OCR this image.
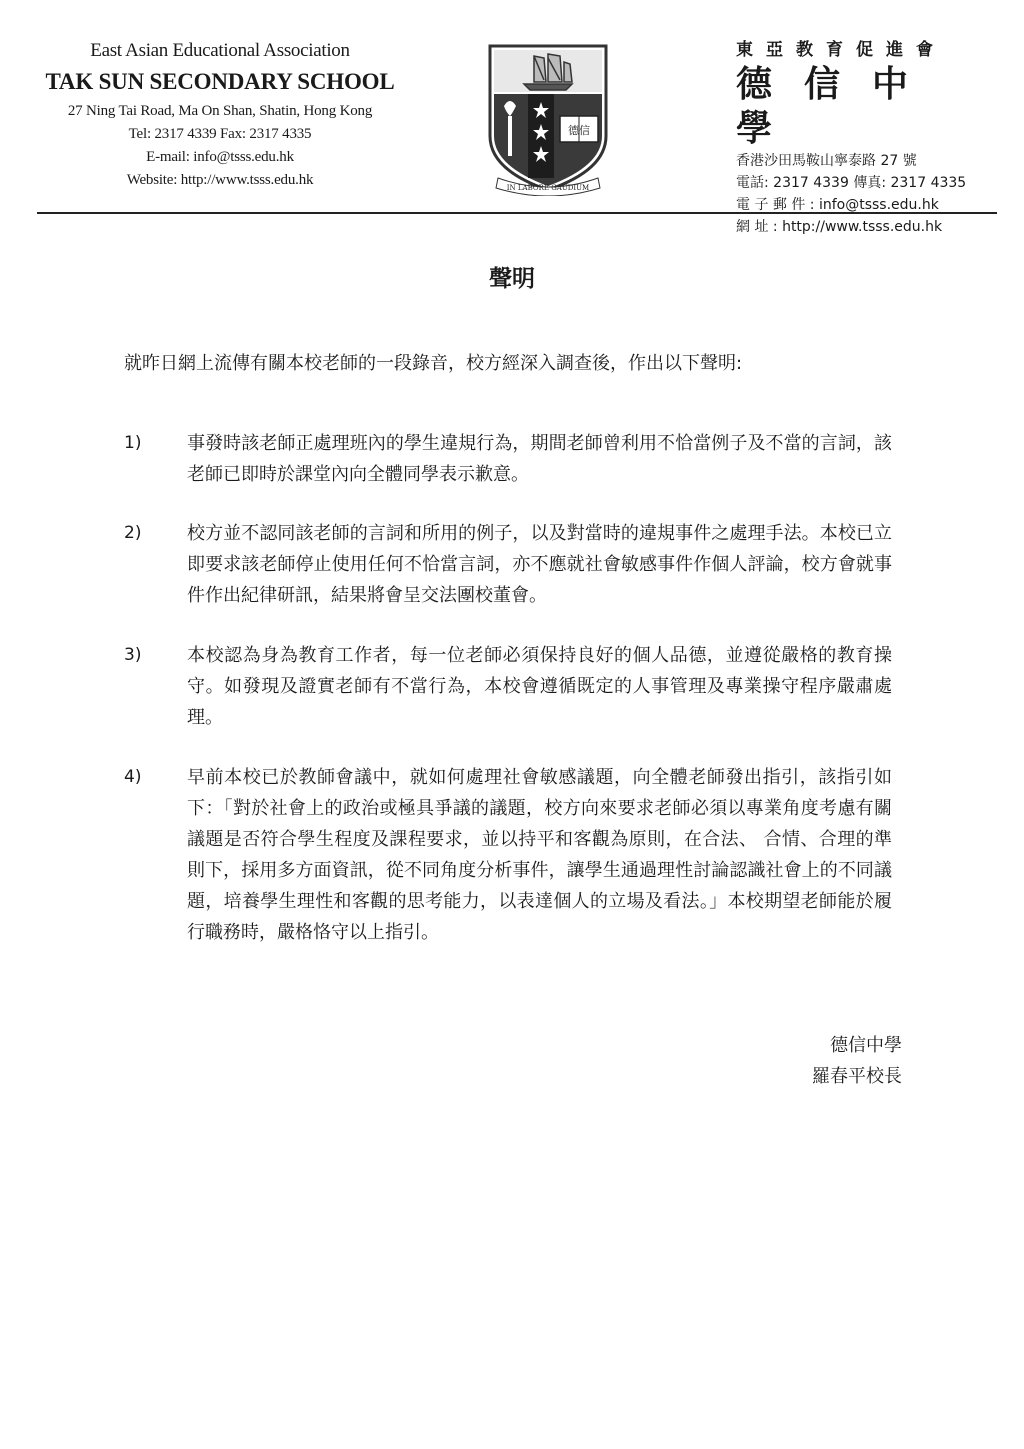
East Asian Educational Association
TAK SUN SECONDARY SCHOOL
27 Ning Tai Road, Ma On Shan, Shatin, Hong Kong
Tel: 2317 4339 Fax: 2317 4335
E-mail: info@tsss.edu.hk
Website: http://www.tsss.edu.hk
德信
IN LABORE GAUDIUM
東亞教育促進會
德信中學
香港沙田馬鞍山寧泰路 27 號
電話: 2317 4339 傳真: 2317 4335
電 子 郵 件 : info@tsss.edu.hk
網 址 : http://www.tsss.edu.hk
聲明
就昨日網上流傳有關本校老師的一段錄音，校方經深入調查後，作出以下聲明:
1)	事發時該老師正處理班內的學生違規行為，期間老師曾利用不恰當例子及不當的言詞，該老師已即時於課堂內向全體同學表示歉意。
2)	校方並不認同該老師的言詞和所用的例子，以及對當時的違規事件之處理手法。本校已立即要求該老師停止使用任何不恰當言詞，亦不應就社會敏感事件作個人評論，校方會就事件作出紀律研訊，結果將會呈交法團校董會。
3)	本校認為身為教育工作者，每一位老師必須保持良好的個人品德，並遵從嚴格的教育操守。如發現及證實老師有不當行為，本校會遵循既定的人事管理及專業操守程序嚴肅處理。
4)	早前本校已於教師會議中，就如何處理社會敏感議題，向全體老師發出指引，該指引如下：「對於社會上的政治或極具爭議的議題，校方向來要求老師必須以專業角度考慮有關議題是否符合學生程度及課程要求，並以持平和客觀為原則，在合法、 合情、合理的準則下，採用多方面資訊，從不同角度分析事件，讓學生通過理性討論認識社會上的不同議題，培養學生理性和客觀的思考能力，以表達個人的立場及看法。」本校期望老師能於履行職務時，嚴格恪守以上指引。
德信中學
羅春平校長
